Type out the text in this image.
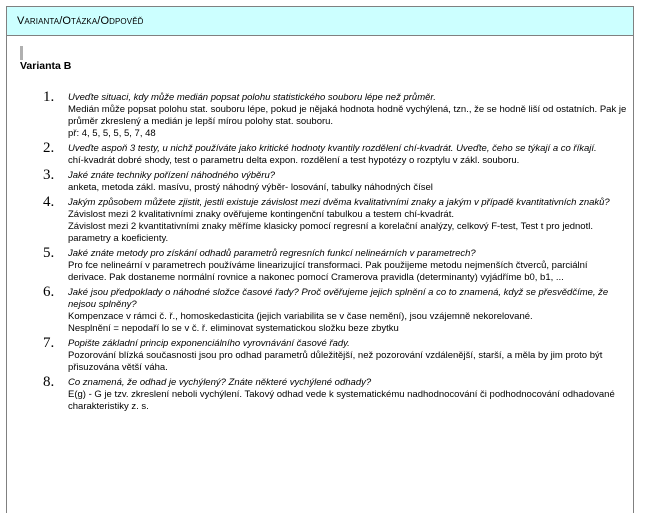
Varianta/Otázka/Odpověď
Varianta B
1. Uveďte situaci, kdy může medián popsat polohu statistického souboru lépe než průměr.
Medián může popsat polohu stat. souboru lépe, pokud je nějaká hodnota hodně vychýlená, tzn., že se hodně liší od ostatních. Pak je průměr zkreslený a medián je lepší mírou polohy stat. souboru.
př: 4, 5, 5, 5, 5, 7, 48
2. Uveďte aspoň 3 testy, u nichž používáte jako kritické hodnoty kvantily rozdělení chí-kvadrát. Uveďte, čeho se týkají a co říkají.
chí-kvadrát dobré shody, test o parametru delta expon. rozdělení a test hypotézy o rozptylu v zákl. souboru.
3. Jaké znáte techniky pořízení náhodného výběru?
anketa, metoda zákl. masívu, prostý náhodný výběr- losování, tabulky náhodných čísel
4. Jakým způsobem můžete zjistit, jestli existuje závislost mezi dvěma kvalitativními znaky a jakým v případě kvantitativních znaků?
Závislost mezi 2 kvalitativními znaky ověřujeme kontingenční tabulkou a testem chí-kvadrát.
Závislost mezi 2 kvantitativními znaky měříme klasicky pomocí regresní a korelační analýzy, celkový F-test, Test t pro jednotl. parametry a koeficienty.
5. Jaké znáte metody pro získání odhadů parametrů regresních funkcí nelineárních v parametrech?
Pro fce nelineární v parametrech používáme linearizující transformaci. Pak použijeme metodu nejmenších čtverců, parciální derivace. Pak dostaneme normální rovnice a nakonec pomocí Cramerova pravidla (determinanty) vyjádříme b0, b1, ...
6. Jaké jsou předpoklady o náhodné složce časové řady? Proč ověřujeme jejich splnění a co to znamená, když se přesvědčíme, že nejsou splněny?
Kompenzace v rámci č. ř., homoskedasticita (jejich variabilita se v čase nemění), jsou vzájemně nekorelované.
Nesplnění = nepodaří lo se v č. ř. eliminovat systematickou složku beze zbytku
7. Popište základní princip exponenciálního vyrovnávání časové řady.
Pozorování blízká současnosti jsou pro odhad parametrů důležitější, než pozorování vzdálenější, starší, a měla by jim proto být přisuzována větší váha.
8. Co znamená, že odhad je vychýlený? Znáte některé vychýlené odhady?
E(g) - G je tzv. zkreslení neboli vychýlení. Takový odhad vede k systematickému nadhodnocování či podhodnocování odhadované charakteristiky z. s.
